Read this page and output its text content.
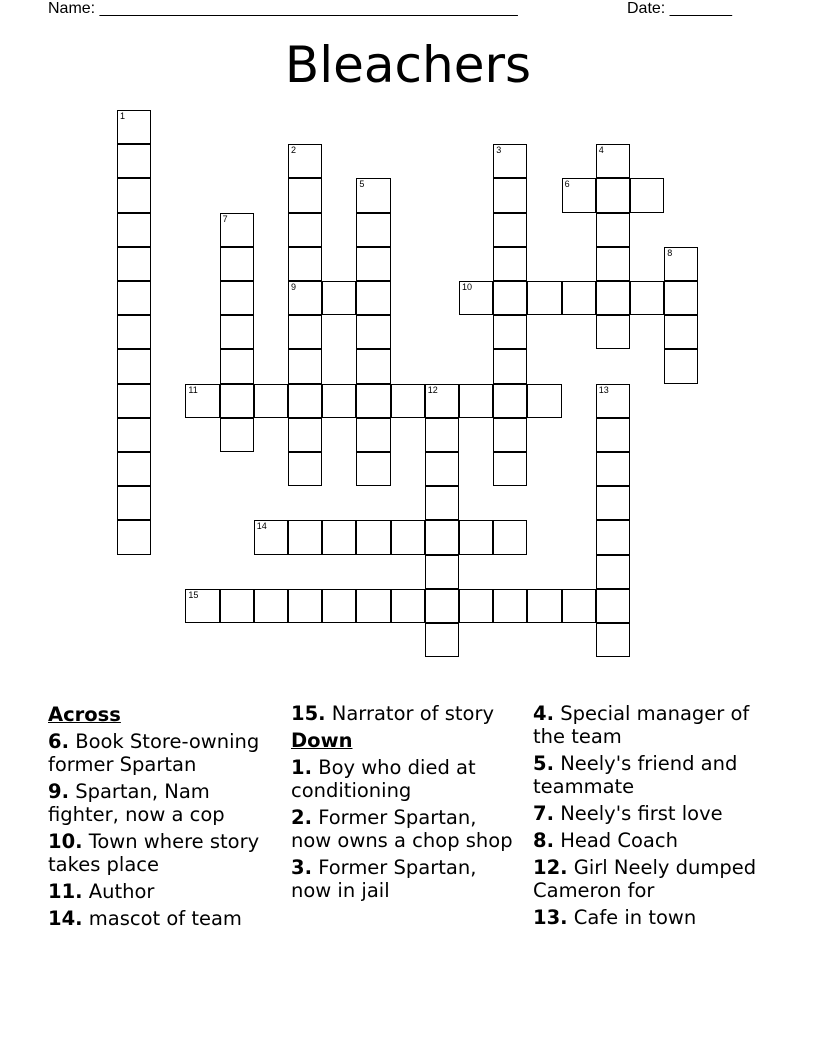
Name: _______________________________________________	Date: _______
Bleachers
1
2
9
3	4
5	6
7
8
10
11	12	13
14
15
Across
6. Book Store-owning former Spartan
9. Spartan, Nam fighter, now a cop
10. Town where story takes place
11. Author
14. mascot of team
15. Narrator of story
Down
1. Boy who died at conditioning
2. Former Spartan, now owns a chop shop
3. Former Spartan, now in jail
4. Special manager of the team
5. Neely's friend and teammate
7. Neely's first love
8. Head Coach
12. Girl Neely dumped Cameron for
13. Cafe in town
